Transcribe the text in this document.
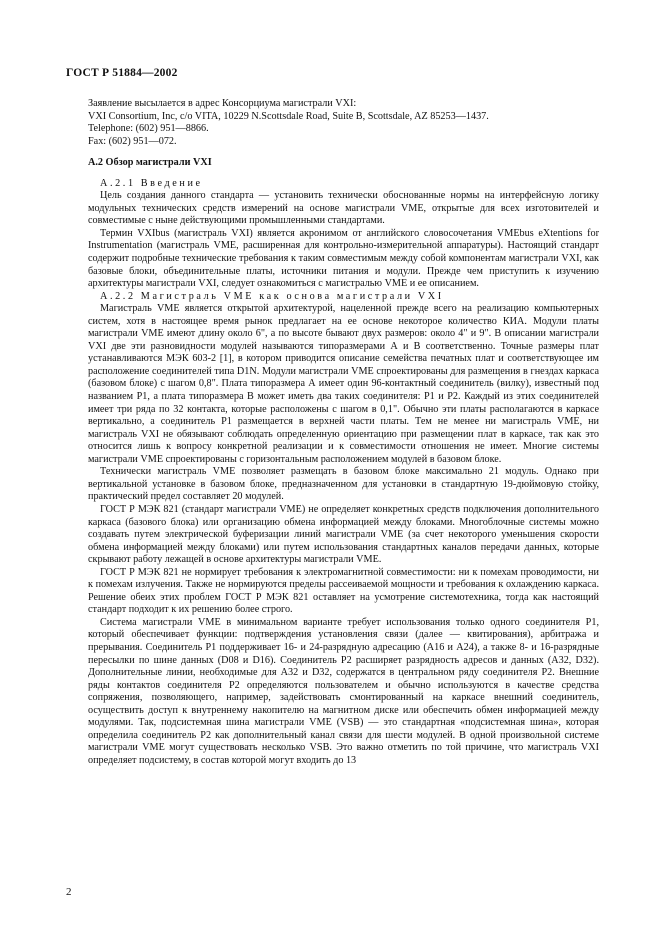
ГОСТ Р 51884—2002

Заявление высылается в адрес Консорциума магистрали VXI:

VXI Consortium, Inc, c/o VITA, 10229 N.Scottsdale Road, Suite B, Scottsdale, AZ 85253—1437.

Telephone: (602) 951—8866.

Fax: (602) 951—072.

А.2 Обзор магистрали VXI

А.2.1 Введение

Цель создания данного стандарта — установить технически обоснованные нормы на интерфейсную логику модульных технических средств измерений на основе магистрали VME, открытые для всех изготовителей и совместимые с ныне действующими промышленными стандартами.

Термин VXIbus (магистраль VXI) является акронимом от английского словосочетания VMEbus eXtentions for Instrumentation (магистраль VME, расширенная для контрольно-измерительной аппаратуры). Настоящий стандарт содержит подробные технические требования к таким совместимым между собой компонентам магистрали VXI, как базовые блоки, объединительные платы, источники питания и модули. Прежде чем приступить к изучению архитектуры магистрали VXI, следует ознакомиться с магистралью VME и ее описанием.

А.2.2 Магистраль VME как основа магистрали VXI

Магистраль VME является открытой архитектурой, нацеленной прежде всего на реализацию компьютерных систем, хотя в настоящее время рынок предлагает на ее основе некоторое количество КИА. Модули платы магистрали VME имеют длину около 6", а по высоте бывают двух размеров: около 4" и 9". В описании магистрали VXI две эти разновидности модулей называются типоразмерами А и В соответственно. Точные размеры плат устанавливаются МЭК 603-2 [1], в котором приводится описание семейства печатных плат и соответствующее им расположение соединителей типа D1N. Модули магистрали VME спроектированы для размещения в гнездах каркаса (базовом блоке) с шагом 0,8". Плата типоразмера А имеет один 96-контактный соединитель (вилку), известный под названием Р1, а плата типоразмера В может иметь два таких соединителя: Р1 и Р2. Каждый из этих соединителей имеет три ряда по 32 контакта, которые расположены с шагом в 0,1". Обычно эти платы располагаются в каркасе вертикально, а соединитель Р1 размещается в верхней части платы. Тем не менее ни магистраль VME, ни магистраль VXI не обязывают соблюдать определенную ориентацию при размещении плат в каркасе, так как это относится лишь к вопросу конкретной реализации и к совместимости отношения не имеет. Многие системы магистрали VME спроектированы с горизонтальным расположением модулей в базовом блоке.

Технически магистраль VME позволяет размещать в базовом блоке максимально 21 модуль. Однако при вертикальной установке в базовом блоке, предназначенном для установки в стандартную 19-дюймовую стойку, практический предел составляет 20 модулей.

ГОСТ Р МЭК 821 (стандарт магистрали VME) не определяет конкретных средств подключения дополнительного каркаса (базового блока) или организацию обмена информацией между блоками. Многоблочные системы можно создавать путем электрической буферизации линий магистрали VME (за счет некоторого уменьшения скорости обмена информацией между блоками) или путем использования стандартных каналов передачи данных, которые скрывают работу лежащей в основе архитектуры магистрали VME.

ГОСТ Р МЭК 821 не нормирует требования к электромагнитной совместимости: ни к помехам проводимости, ни к помехам излучения. Также не нормируются пределы рассеиваемой мощности и требования к охлаждению каркаса. Решение обеих этих проблем ГОСТ Р МЭК 821 оставляет на усмотрение системотехника, тогда как настоящий стандарт подходит к их решению более строго.

Система магистрали VME в минимальном варианте требует использования только одного соединителя Р1, который обеспечивает функции: подтверждения установления связи (далее — квитирования), арбитража и прерывания. Соединитель Р1 поддерживает 16- и 24-разрядную адресацию (А16 и А24), а также 8- и 16-разрядные пересылки по шине данных (D08 и D16). Соединитель Р2 расширяет разрядность адресов и данных (А32, D32). Дополнительные линии, необходимые для А32 и D32, содержатся в центральном ряду соединителя Р2. Внешние ряды контактов соединителя Р2 определяются пользователем и обычно используются в качестве средства сопряжения, позволяющего, например, задействовать смонтированный на каркасе внешний соединитель, осуществить доступ к внутреннему накопителю на магнитном диске или обеспечить обмен информацией между модулями. Так, подсистемная шина магистрали VME (VSB) — это стандартная «подсистемная шина», которая определила соединитель Р2 как дополнительный канал связи для шести модулей. В одной произвольной системе магистрали VME могут существовать несколько VSB. Это важно отметить по той причине, что магистраль VXI определяет подсистему, в состав которой могут входить до 13

2
